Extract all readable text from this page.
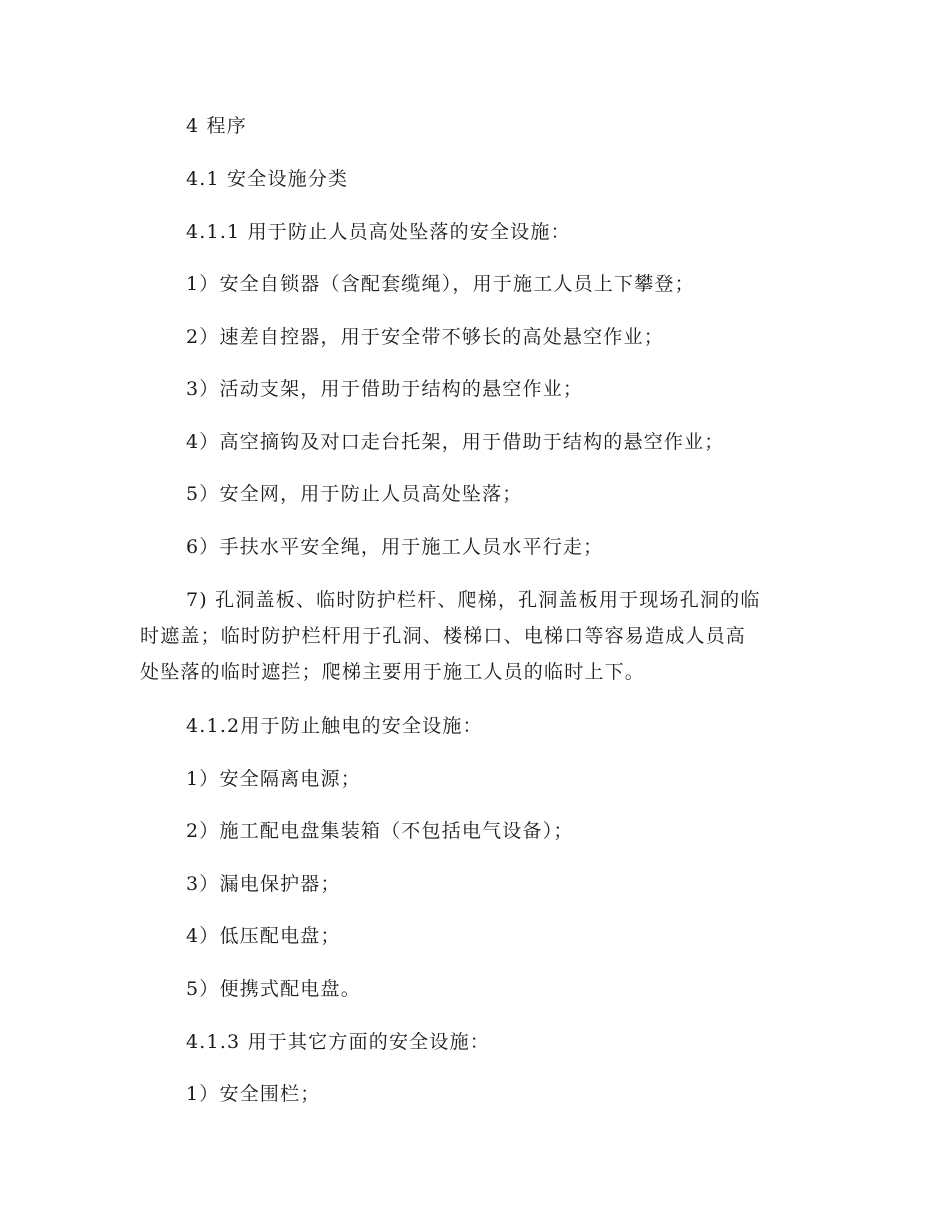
4 程序
4.1 安全设施分类
4.1.1 用于防止人员高处坠落的安全设施：
1）安全自锁器（含配套缆绳），用于施工人员上下攀登；
2）速差自控器，用于安全带不够长的高处悬空作业；
3）活动支架，用于借助于结构的悬空作业；
4）高空摘钩及对口走台托架，用于借助于结构的悬空作业；
5）安全网，用于防止人员高处坠落；
6）手扶水平安全绳，用于施工人员水平行走；
7) 孔洞盖板、临时防护栏杆、爬梯，孔洞盖板用于现场孔洞的临
时遮盖；临时防护栏杆用于孔洞、楼梯口、电梯口等容易造成人员高
处坠落的临时遮拦；爬梯主要用于施工人员的临时上下。
4.1.2用于防止触电的安全设施：
1）安全隔离电源；
2）施工配电盘集装箱（不包括电气设备）；
3）漏电保护器；
4）低压配电盘；
5）便携式配电盘。
4.1.3 用于其它方面的安全设施：
1）安全围栏；
